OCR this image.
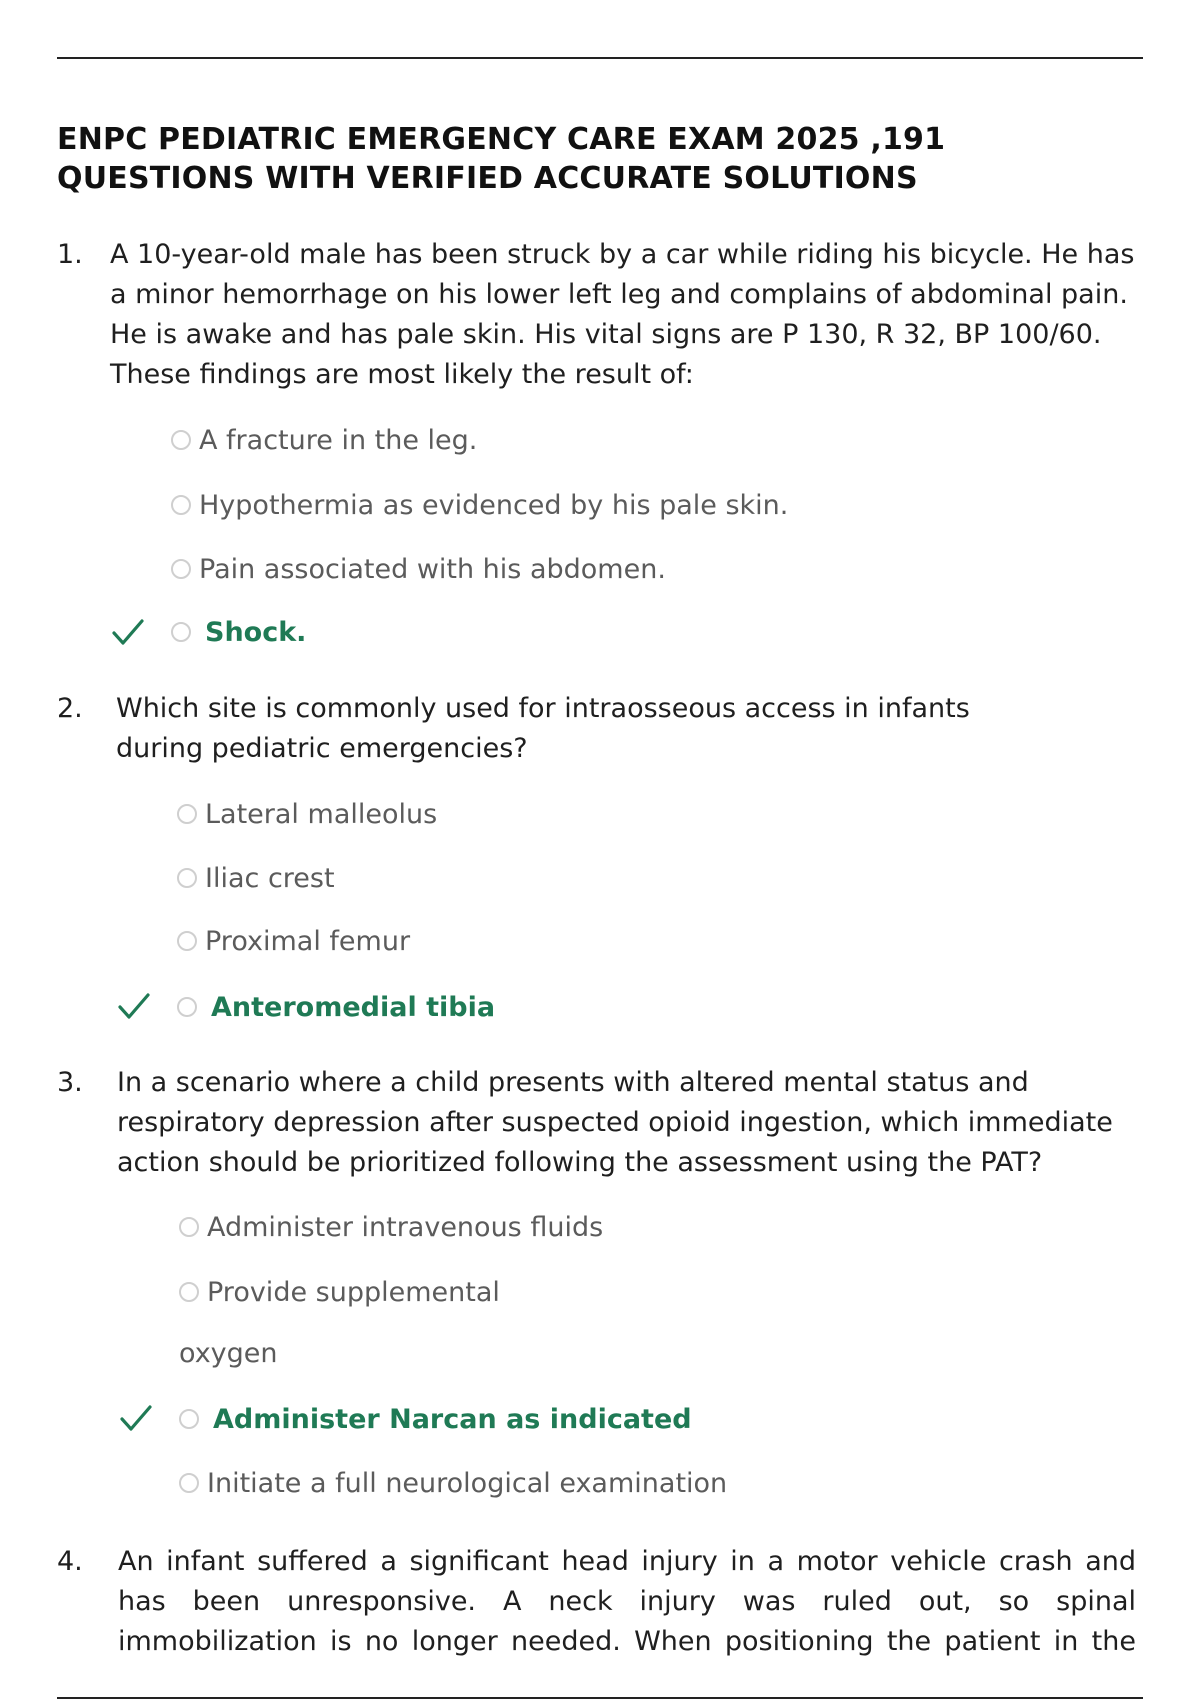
ENPC PEDIATRIC EMERGENCY CARE EXAM 2025 ,191 QUESTIONS WITH VERIFIED ACCURATE SOLUTIONS
1. A 10-year-old male has been struck by a car while riding his bicycle. He has a minor hemorrhage on his lower left leg and complains of abdominal pain. He is awake and has pale skin. His vital signs are P 130, R 32, BP 100/60. These findings are most likely the result of:

A fracture in the leg.
Hypothermia as evidenced by his pale skin.
Pain associated with his abdomen.
Shock.
2. Which site is commonly used for intraosseous access in infants during pediatric emergencies?

Lateral malleolus
Iliac crest
Proximal femur
Anteromedial tibia
3. In a scenario where a child presents with altered mental status and respiratory depression after suspected opioid ingestion, which immediate action should be prioritized following the assessment using the PAT?

Administer intravenous fluids
Provide supplemental
oxygen
Administer Narcan as indicated
Initiate a full neurological examination
4. An infant suffered a significant head injury in a motor vehicle crash and

has been unresponsive. A neck injury was ruled out, so spinal

immobilization is no longer needed. When positioning the patient in the
